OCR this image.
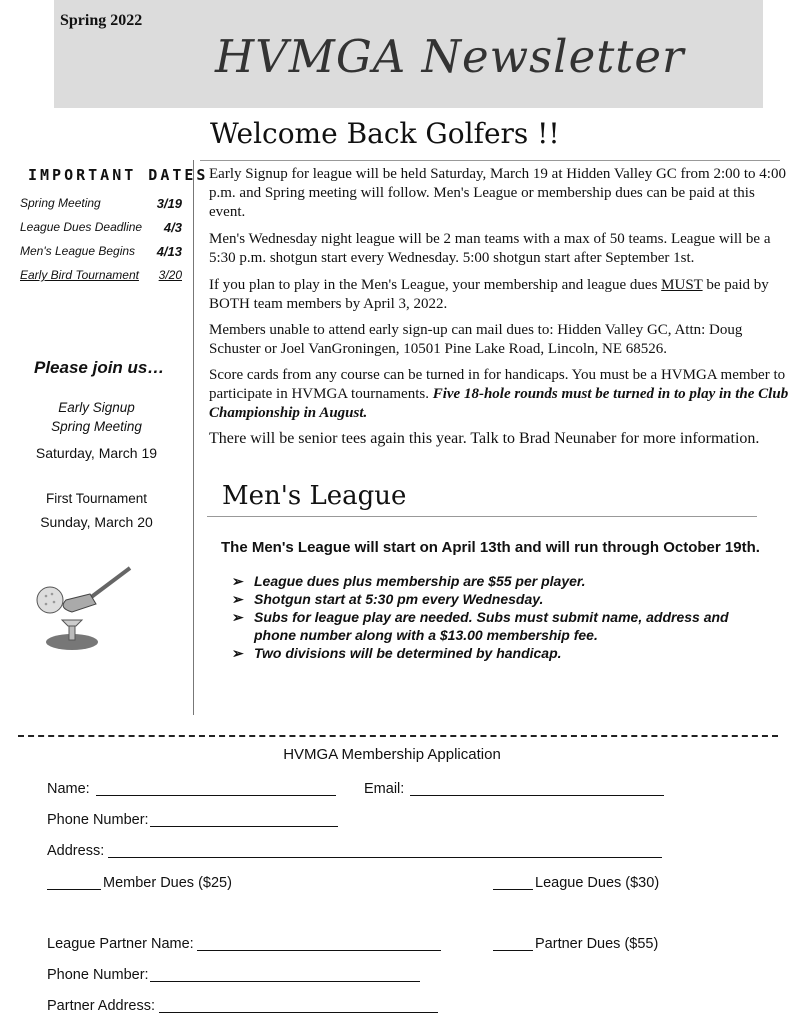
Spring 2022
HVMGA Newsletter
Welcome Back Golfers !!
IMPORTANT DATES
Spring Meeting	3/19
League Dues Deadline 4/3
Men's League Begins 4/13
Early Bird Tournament 3/20
Please join us…
Early Signup
Spring Meeting
Saturday, March 19
First Tournament
Sunday, March 20
Early Signup for league will be held Saturday, March 19 at Hidden Valley GC from 2:00 to 4:00 p.m. and Spring meeting will follow. Men's League or membership dues can be paid at this event.
Men's Wednesday night league will be 2 man teams with a max of 50 teams. League will be a 5:30 p.m. shotgun start every Wednesday. 5:00 shotgun start after September 1st.
If you plan to play in the Men's League, your membership and league dues MUST be paid by BOTH team members by April 3, 2022.
Members unable to attend early sign-up can mail dues to: Hidden Valley GC, Attn: Doug Schuster or Joel VanGroningen, 10501 Pine Lake Road, Lincoln, NE 68526.
Score cards from any course can be turned in for handicaps. You must be a HVMGA member to participate in HVMGA tournaments. Five 18-hole rounds must be turned in to play in the Club Championship in August.
There will be senior tees again this year. Talk to Brad Neunaber for more information.
Men's League
The Men's League will start on April 13th and will run through October 19th.
➢ League dues plus membership are $55 per player.
➢ Shotgun start at 5:30 pm every Wednesday.
➢ Subs for league play are needed. Subs must submit name, address and phone number along with a $13.00 membership fee.
➢ Two divisions will be determined by handicap.
HVMGA Membership Application
Name:	Email:
Phone Number:
Address:
Member Dues ($25)	League Dues ($30)
League Partner Name:	Partner Dues ($55)
Phone Number:
Partner Address:
